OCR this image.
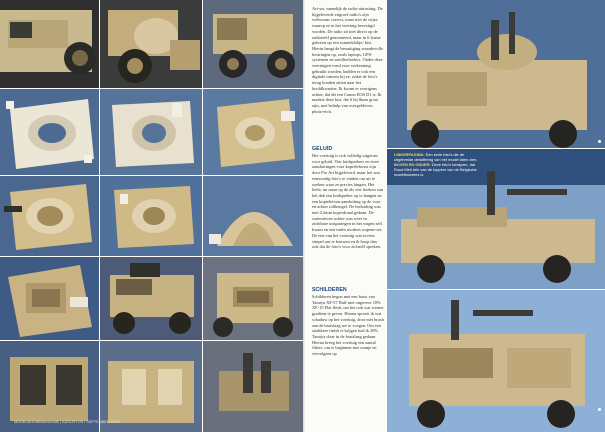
MODELBOUWMAGAZINE | AUGUSTUS / SEPTEMBER 2013
Art-set, namelijk de radio-uitrusting. De bijgeleverde zitgroef radio's zijn weliswaar correct, maar niet de wijze waarop ze in het voertuig bevestigd worden. De radio zit niet direct op de radiotafel gemonteerd, maar in 6 frame geboren op een ruimteklokje/ kist. Hierin hangt de benuttiging waardevolle bestringen op, zoals laptops, GPS-systemen en satellietfoelers. Onder deze voertuigen vond voor verkenning gebruikt worden, hadden er ook een digitale camera bij ze, zodat de foto's terug konden zitten naar het hoofdkwartier. Ik kwam er overigens achter, dat dit een Canon EOS D1 is. Ik maakte deze kist, die 6 bij 8mm groot zijn, met behulp van overgebleven photo-etch.
GELUID
Het voertuig is ook volledig uitgerust voor geluid. Vier luidsprekers en twee aansluitingen voor koptelefoons zijn door Pro Art bijgeleverd, maar het was eenvoudig foto's te vinden om uit te zoeken waar ze precies hingen. Het liefst, nu maar op de als vier hoeken van het dak een luidspreker op te hangen en een koptelefoon aansluiting op de voor en achter roltbeugel. De bedrading was met 0,2mm koperdraad gedaan. De waterafvoer achter was weer in zichtbare uitsparingen in het wagen zelf kwam en een index modern wapens-set. De rest van het voertuig was tevens simpel om te bouwen en ik hoop dan ook dat de foto's voor zichzelf spreken.
SCHILDEREN
Schilderen begon met een basis van Tamiya XF-57 Buff met ongeveer 10% XF-15 Flat flesh, om het ook wat warme gradient te geven. Hierna sproeit ik wat schaduw op het voertuig, door met brush aan de basislaag toe te voegen. Om een strakkere finish te krijgen had ik 20% Tamiya clear in de basislaag gedaan. Hierna kreeg het voertuig een aantal filters, om te beginnen met oranje en vervolgens op
LINKERPAGINA: Een serie foto's die de uitgebreide detaillering van het model laten zien.
BOVEN EN ONDER: Deze foto's bewijzen, dat Ruud Metl één van de toppers van de Belgische modelbouwers is.
